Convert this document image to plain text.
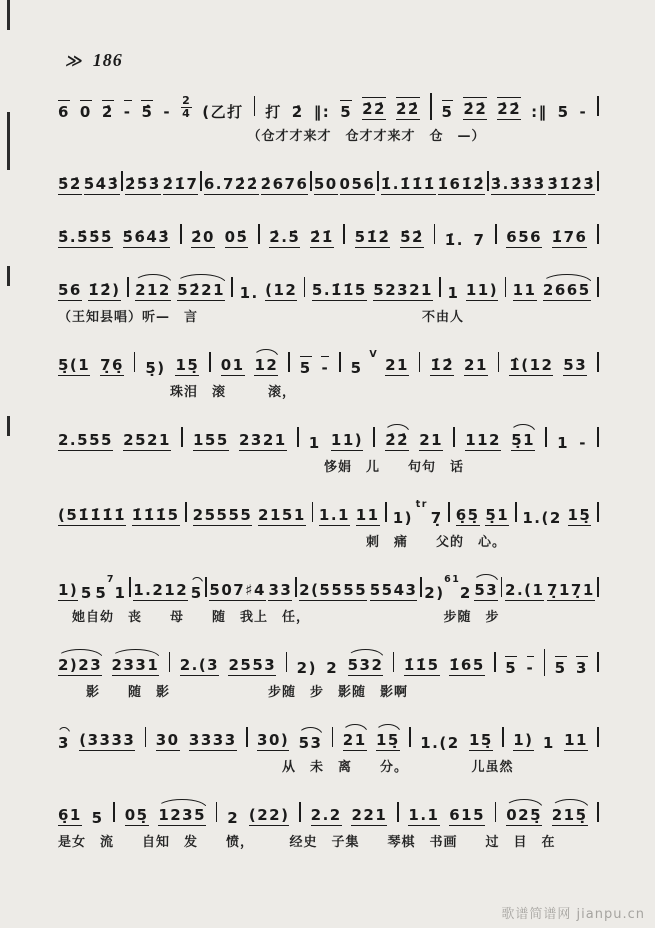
≫ 186
6 0 2̇ - 5̂ -
2
4 (乙打 打 2̇ ‖: 5 2̇2̇ 2̇2̇ 5 2̇2̇ 2̇2̇ :‖ 5 -
　　　　　　　　　　　　　　（仓才才来才　仓才才来才　仓　—）
5̇2̇ 5̇4̇3̇ 2̇5̇3̇ 2̇1̇7 6.72̇2̇ 2̇676 50 056 1̇.1̇1̇1̇ 1̇61̇2̇ 3̇.3̇3̇3̇ 3̇1̇2̇3̇
5̇.5̇5̇5̇ 5̇6̇4̇3̇ 2̇0 05̇ 2̇.5̇ 2̇1̇ 51̇2̇ 5̇2̇ 1̇. 7 656 1̇76
56 1̇2̇) 212 52̇21 1. (12 5.1̇1̇5 52321 1 11) 11 2665
（王知县唱）听—　言　　　　　　　　　　　　　　　　不由人
5̣(1 7̣6̣ 5̣) 15̣ 01 12 5 - 5
V
21 1̇2̇ 21 1̂(12 53
　　　　　　　　珠泪　滚　　　滚，
2.555 2521 155 2321 1 11) 2̇2̇ 21 112 5̣1 1 -
　　　　　　　　　　　　　　　　　　　恀娟　儿　　句句　话
(51̇1̇1̇1̇ 1̇1̇1̇5 25555 2151 1.1 11 1)
tr
7̣ 6̣5̣ 5̣1 1.(2 15̣
　　　　　　　　　　　　　　　　　　　　　　刺　痛　　父的　心。
1) 5 5
7
1 1.212 5 507♯4 33 2(5555 5543 2)
61
2 53 2.(1 7̣17̣1
　她自幼　丧　　母　　随　我上　任，　　　　　　　　　　步随　步
2)23 2331 2.(3 2553 2) 2 532 1̇1̇5 1̇65 5 - 5 3
　　影　　随　影　　　　　　　步随　步　影随　影啊
3 (3333 30 3333 30) 53 21 15̣ 1.(2 15̣ 1) 1 11
　　　　　　　　　　　　　　　　从　未　离　　分。　　　　　儿虽然
6̣1 5 05̣ 1235 2 (22) 2.2 221 1.1 615 025̣ 215̣
是女　流　　自知　发　　愤，　　　经史　子集　　琴棋　书画　　过　目　在
歌谱简谱网 jianpu.cn
